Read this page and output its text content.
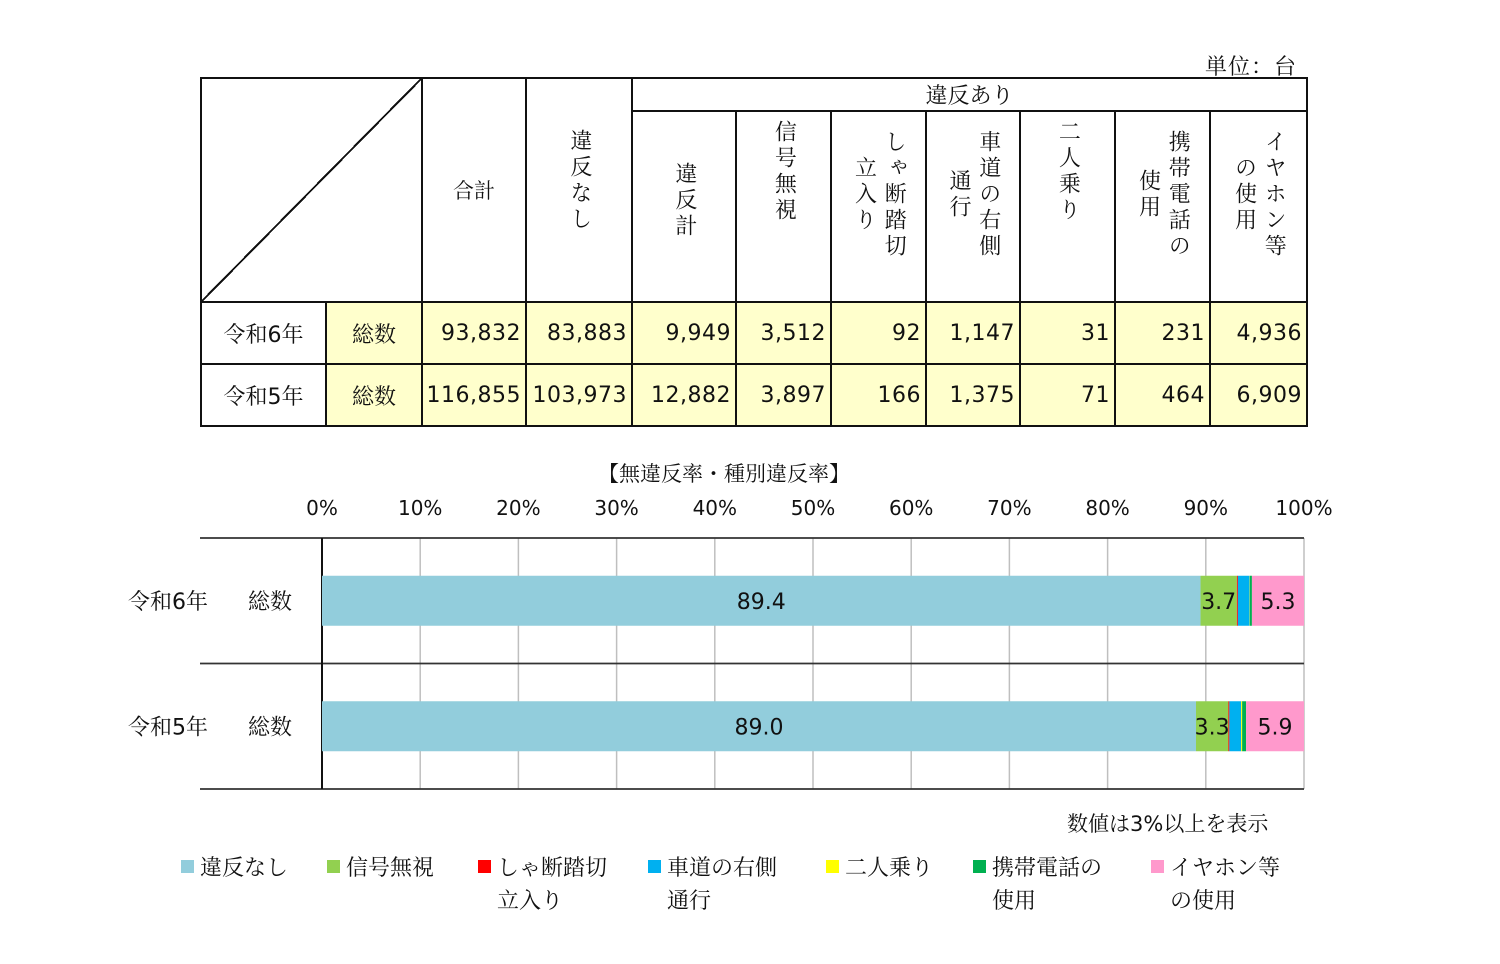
単位：台
		合計	違反なし	違反あり						

				違反計	信号無視	しゃ断踏切立入り	車道の右側通行	二人乗り	携帯電話の使用	イヤホン等の使用

令和6年	総数	93,832	83,883	9,949	3,512	92	1,147	31	231	4,936
令和5年	総数	116,855	103,973	12,882	3,897	166	1,375	71	464	6,909
【無違反率・種別違反率】
0%	10%	20%	30%	40%	50%	60%	70%	80%	90% 100%
令和6年 総数	89.4	3.7 5.3
令和5年 総数	89.0	3.3 5.9
数値は3%以上を表示
違反なし	信号無視	しゃ断踏切
立入り
車道の右側
通行
二人乗り	携帯電話の
使用
イヤホン等
の使用
